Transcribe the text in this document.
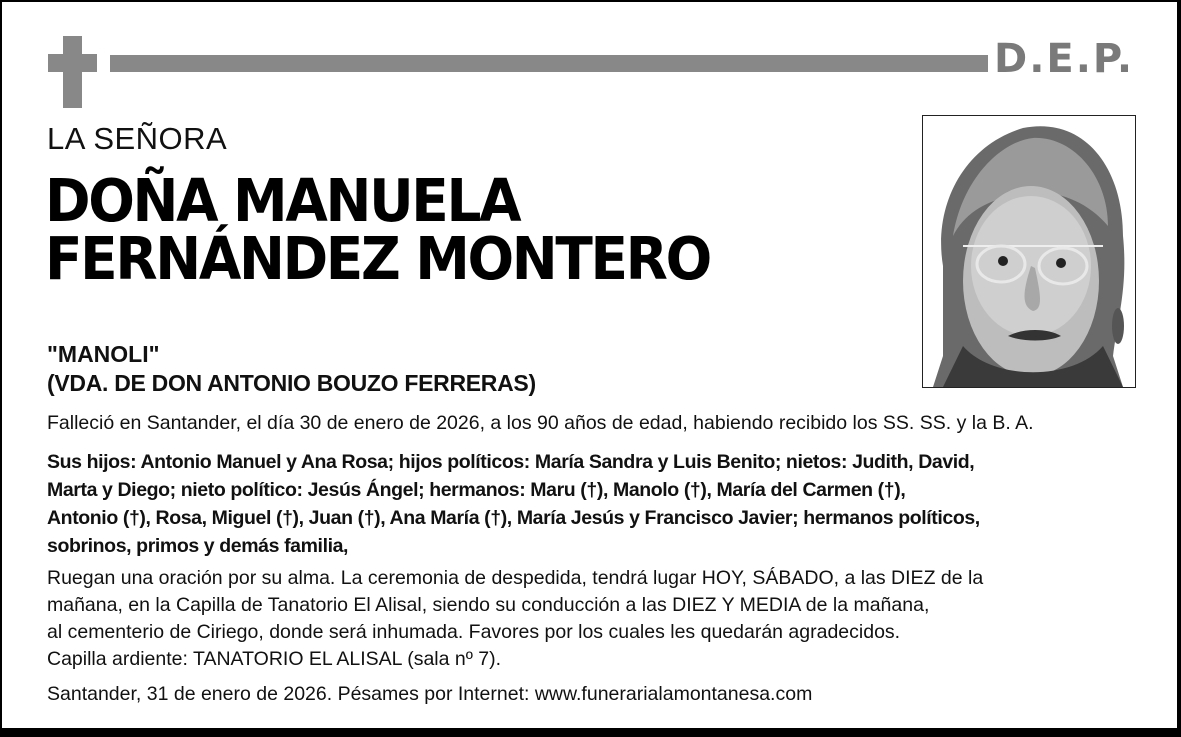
D.E.P.
LA SEÑORA
DOÑA MANUELA
FERNÁNDEZ MONTERO
"MANOLI"
(VDA. DE DON ANTONIO BOUZO FERRERAS)
Falleció en Santander, el día 30 de enero de 2026, a los 90 años de edad, habiendo recibido los SS. SS. y la B. A.
Sus hijos: Antonio Manuel y Ana Rosa; hijos políticos: María Sandra y Luis Benito; nietos: Judith, David,
Marta y Diego; nieto político: Jesús Ángel; hermanos: Maru (†), Manolo (†), María del Carmen (†),
Antonio (†), Rosa, Miguel (†), Juan (†), Ana María (†), María Jesús y Francisco Javier; hermanos políticos,
sobrinos, primos y demás familia,
Ruegan una oración por su alma. La ceremonia de despedida, tendrá lugar HOY, SÁBADO, a las DIEZ de la
mañana, en la Capilla de Tanatorio El Alisal, siendo su conducción a las DIEZ Y MEDIA de la mañana,
al cementerio de Ciriego, donde será inhumada. Favores por los cuales les quedarán agradecidos.
Capilla ardiente: TANATORIO EL ALISAL (sala nº 7).
Santander, 31 de enero de 2026. Pésames por Internet: www.funerarialamontanesa.com
